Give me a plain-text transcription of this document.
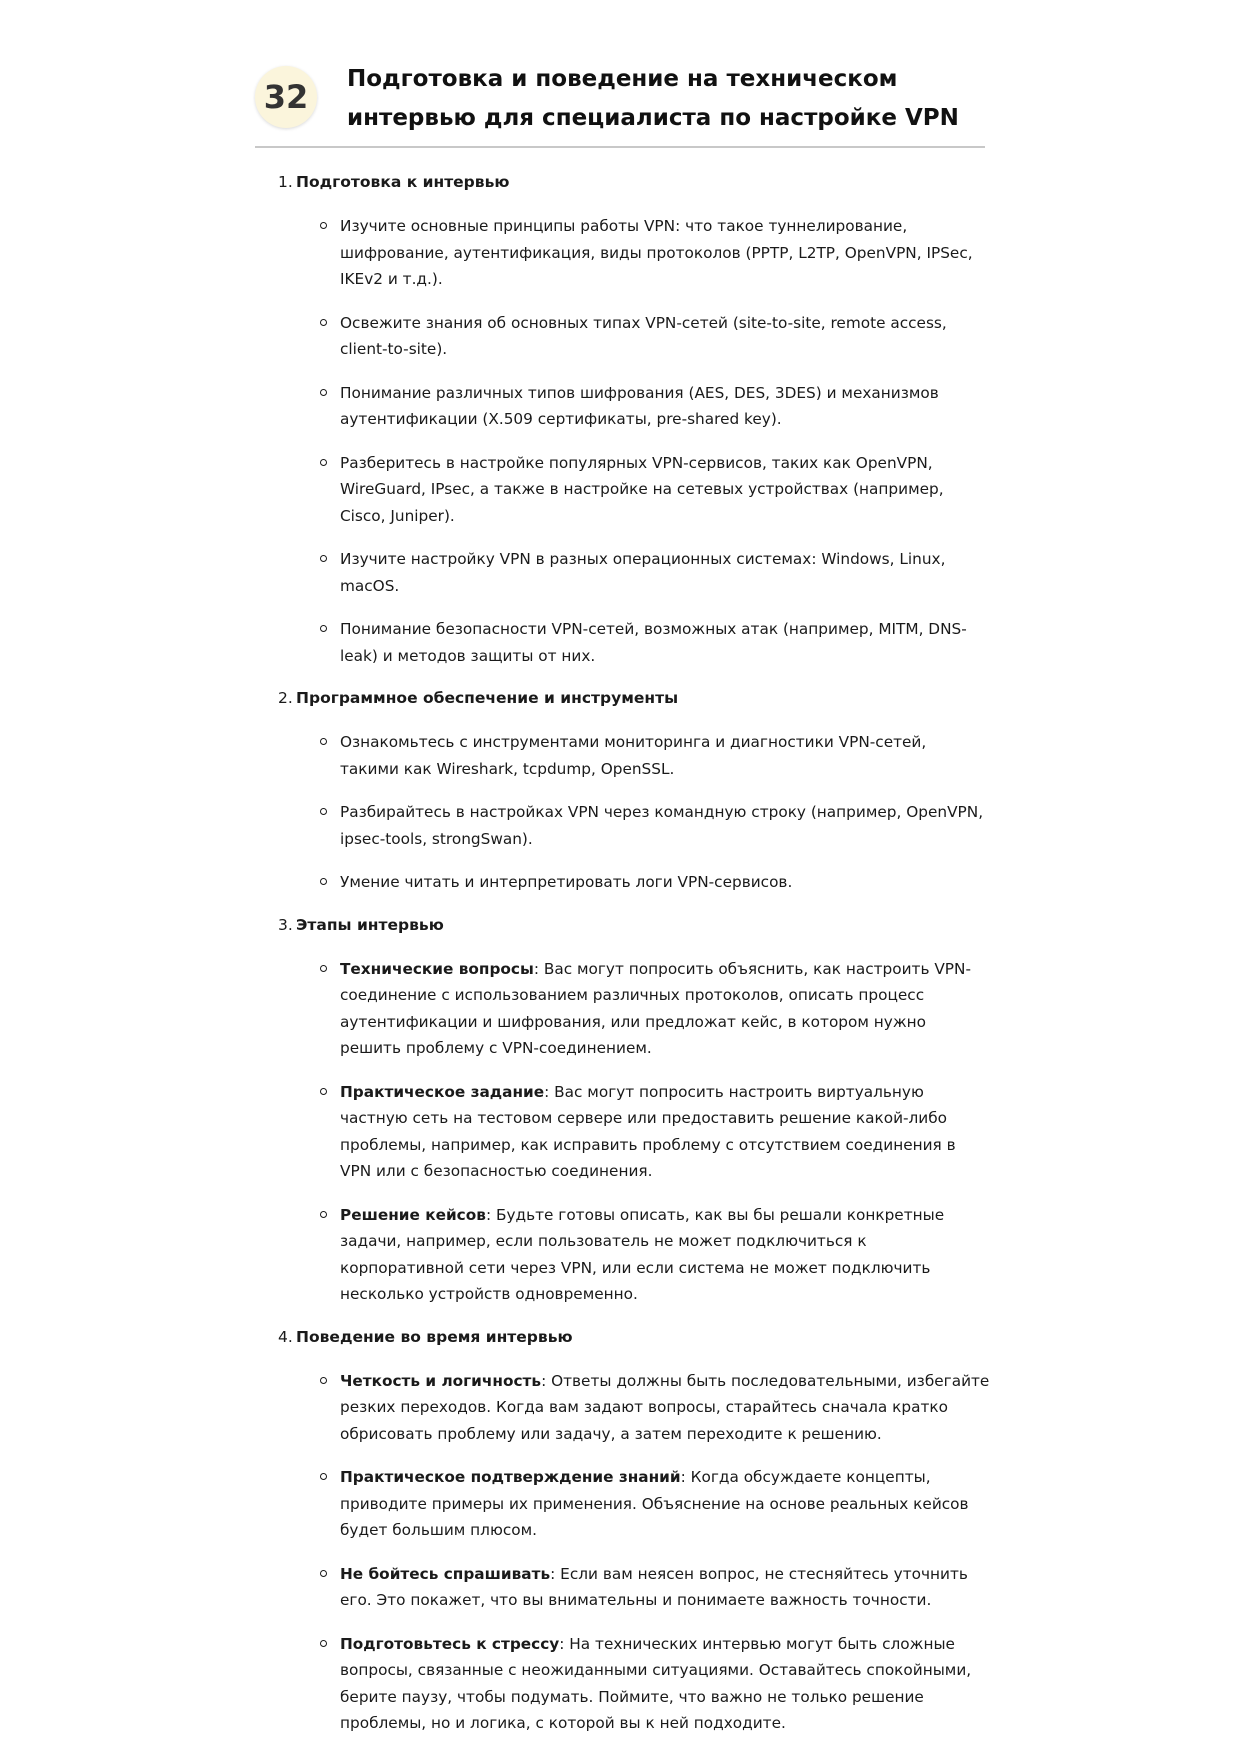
32	Подготовка и поведение на техническом интервью для специалиста по настройке VPN
1. Подготовка к интервью
Изучите основные принципы работы VPN: что такое туннелирование, шифрование, аутентификация, виды протоколов (PPTP, L2TP, OpenVPN, IPSec, IKEv2 и т.д.).
Освежите знания об основных типах VPN-сетей (site-to-site, remote access, client-to-site).
Понимание различных типов шифрования (AES, DES, 3DES) и механизмов аутентификации (X.509 сертификаты, pre-shared key).
Разберитесь в настройке популярных VPN-сервисов, таких как OpenVPN, WireGuard, IPsec, а также в настройке на сетевых устройствах (например, Cisco, Juniper).
Изучите настройку VPN в разных операционных системах: Windows, Linux, macOS.
Понимание безопасности VPN-сетей, возможных атак (например, MITM, DNS-leak) и методов защиты от них.
2. Программное обеспечение и инструменты
Ознакомьтесь с инструментами мониторинга и диагностики VPN-сетей, такими как Wireshark, tcpdump, OpenSSL.
Разбирайтесь в настройках VPN через командную строку (например, OpenVPN, ipsec-tools, strongSwan).
Умение читать и интерпретировать логи VPN-сервисов.
3. Этапы интервью
Технические вопросы: Вас могут попросить объяснить, как настроить VPN-соединение с использованием различных протоколов, описать процесс аутентификации и шифрования, или предложат кейс, в котором нужно решить проблему с VPN-соединением.
Практическое задание: Вас могут попросить настроить виртуальную частную сеть на тестовом сервере или предоставить решение какой-либо проблемы, например, как исправить проблему с отсутствием соединения в VPN или с безопасностью соединения.
Решение кейсов: Будьте готовы описать, как вы бы решали конкретные задачи, например, если пользователь не может подключиться к корпоративной сети через VPN, или если система не может подключить несколько устройств одновременно.
4. Поведение во время интервью
Четкость и логичность: Ответы должны быть последовательными, избегайте резких переходов. Когда вам задают вопросы, старайтесь сначала кратко обрисовать проблему или задачу, а затем переходите к решению.
Практическое подтверждение знаний: Когда обсуждаете концепты, приводите примеры их применения. Объяснение на основе реальных кейсов будет большим плюсом.
Не бойтесь спрашивать: Если вам неясен вопрос, не стесняйтесь уточнить его. Это покажет, что вы внимательны и понимаете важность точности.
Подготовьтесь к стрессу: На технических интервью могут быть сложные вопросы, связанные с неожиданными ситуациями. Оставайтесь спокойными, берите паузу, чтобы подумать. Поймите, что важно не только решение проблемы, но и логика, с которой вы к ней подходите.
